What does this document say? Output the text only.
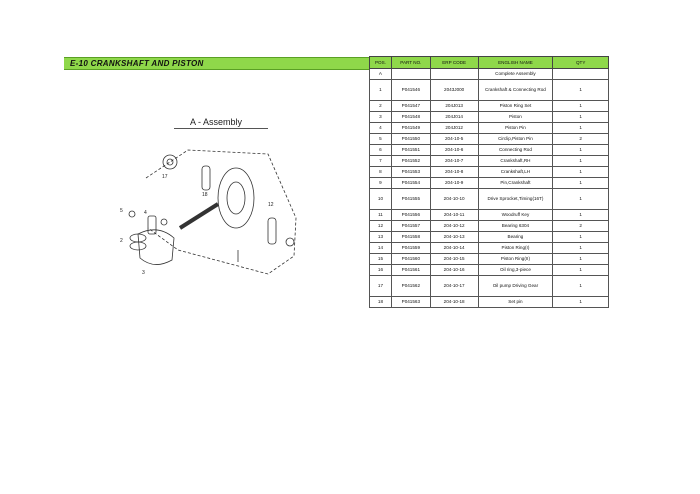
E-10 CRANKSHAFT AND PISTON
A - Assembly
2
3
17
18
12
5	4
POS.	PART NO.	ERP CODE	ENGLISH NAME	QTY
A			Complete Assembly	
1	P041546	2043J000	Crankshaft & Connecting Rod	1
2	P041547	204J013	Piston Ring Set	1
3	P041548	204J014	Piston	1
4	P041549	204J012	Piston Pin	1
5	P041550	204-10-5	Circlip,Piston Pin	2
6	P041551	204-10-6	Connecting Rod	1
7	P041552	204-10-7	Crankshaft,RH	1
8	P041553	204-10-8	Crankshaft,LH	1
9	P041554	204-10-9	Pin,Crankshaft	1
10	P041555	204-10-10	Drive Sprocket,Timing(16T)	1
11	P041556	204-10-11	Woodruff Key	1
12	P041557	204-10-12	Bearing 6304	2
13	P041558	204-10-13	Bearing	1
14	P041559	204-10-14	Piston Ring(I)	1
15	P041560	204-10-15	Piston Ring(II)	1
16	P041561	204-10-16	Oil ring,3-piece	1
17	P041562	204-10-17	Oil pump Driving Gear	1
18	P041563	204-10-18	Set pin	1
